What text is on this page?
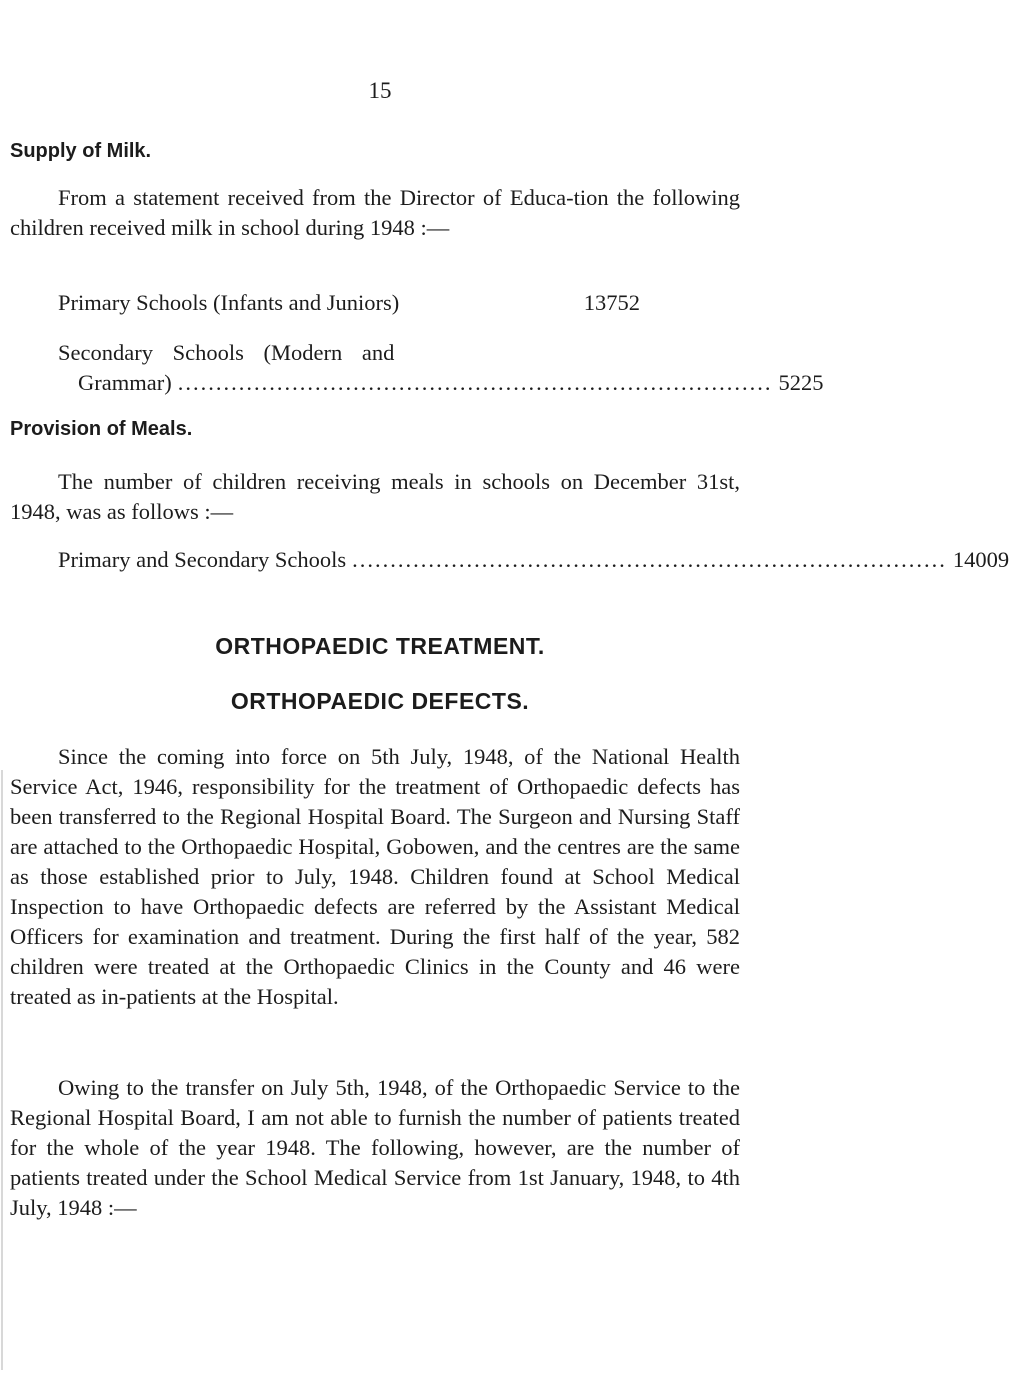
15
Supply of Milk.

From a statement received from the Director of Educa-tion the following children received milk in school during 1948 :—

Primary Schools (Infants and Juniors)	13752
Secondary Schools (Modern and
Grammar) .............................................................................. 5225
Provision of Meals.

The number of children receiving meals in schools on December 31st, 1948, was as follows :—

Primary and Secondary Schools .............................................................................. 14009
ORTHOPAEDIC TREATMENT.
ORTHOPAEDIC DEFECTS.

Since the coming into force on 5th July, 1948, of the National Health Service Act, 1946, responsibility for the treatment of Orthopaedic defects has been transferred to the Regional Hospital Board. The Surgeon and Nursing Staff are attached to the Orthopaedic Hospital, Gobowen, and the centres are the same as those established prior to July, 1948. Children found at School Medical Inspection to have Orthopaedic defects are referred by the Assistant Medical Officers for examination and treatment. During the first half of the year, 582 children were treated at the Orthopaedic Clinics in the County and 46 were treated as in-patients at the Hospital.

Owing to the transfer on July 5th, 1948, of the Orthopaedic Service to the Regional Hospital Board, I am not able to furnish the number of patients treated for the whole of the year 1948. The following, however, are the number of patients treated under the School Medical Service from 1st January, 1948, to 4th July, 1948 :—
